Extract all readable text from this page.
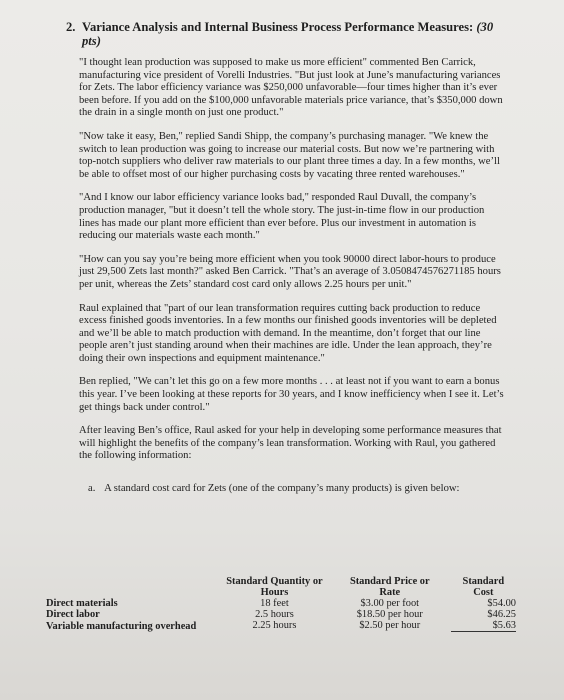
2. Variance Analysis and Internal Business Process Performance Measures: (30 pts)

"I thought lean production was supposed to make us more efficient" commented Ben Carrick, manufacturing vice president of Vorelli Industries. "But just look at June’s manufacturing variances for Zets. The labor efficiency variance was $250,000 unfavorable—four times higher than it’s ever been before. If you add on the $100,000 unfavorable materials price variance, that’s $350,000 down the drain in a single month on just one product."

"Now take it easy, Ben," replied Sandi Shipp, the company’s purchasing manager. "We knew the switch to lean production was going to increase our material costs. But now we’re partnering with top-notch suppliers who deliver raw materials to our plant three times a day. In a few months, we’ll be able to offset most of our higher purchasing costs by vacating three rented warehouses."

"And I know our labor efficiency variance looks bad," responded Raul Duvall, the company’s production manager, "but it doesn’t tell the whole story. The just-in-time flow in our production lines has made our plant more efficient than ever before. Plus our investment in automation is reducing our materials waste each month."

"How can you say you’re being more efficient when you took 90000 direct labor-hours to produce just 29,500 Zets last month?" asked Ben Carrick. "That’s an average of 3.0508474576271185 hours per unit, whereas the Zets’ standard cost card only allows 2.25 hours per unit."

Raul explained that "part of our lean transformation requires cutting back production to reduce excess finished goods inventories. In a few months our finished goods inventories will be depleted and we’ll be able to match production with demand. In the meantime, don’t forget that our line people aren’t just standing around when their machines are idle. Under the lean approach, they’re doing their own inspections and equipment maintenance."

Ben replied, "We can’t let this go on a few more months . . . at least not if you want to earn a bonus this year. I’ve been looking at these reports for 30 years, and I know inefficiency when I see it. Let’s get things back under control."

After leaving Ben’s office, Raul asked for your help in developing some performance measures that will highlight the benefits of the company’s lean transformation. Working with Raul, you gathered the following information:

a. A standard cost card for Zets (one of the company’s many products) is given below:
	Standard Quantity or	Standard Price or	Standard
	Hours	Rate	Cost
Direct materials	18 feet	$3.00 per foot	$54.00
Direct labor	2.5 hours	$18.50 per hour	$46.25
Variable manufacturing overhead	2.25 hours	$2.50 per hour	$5.63
